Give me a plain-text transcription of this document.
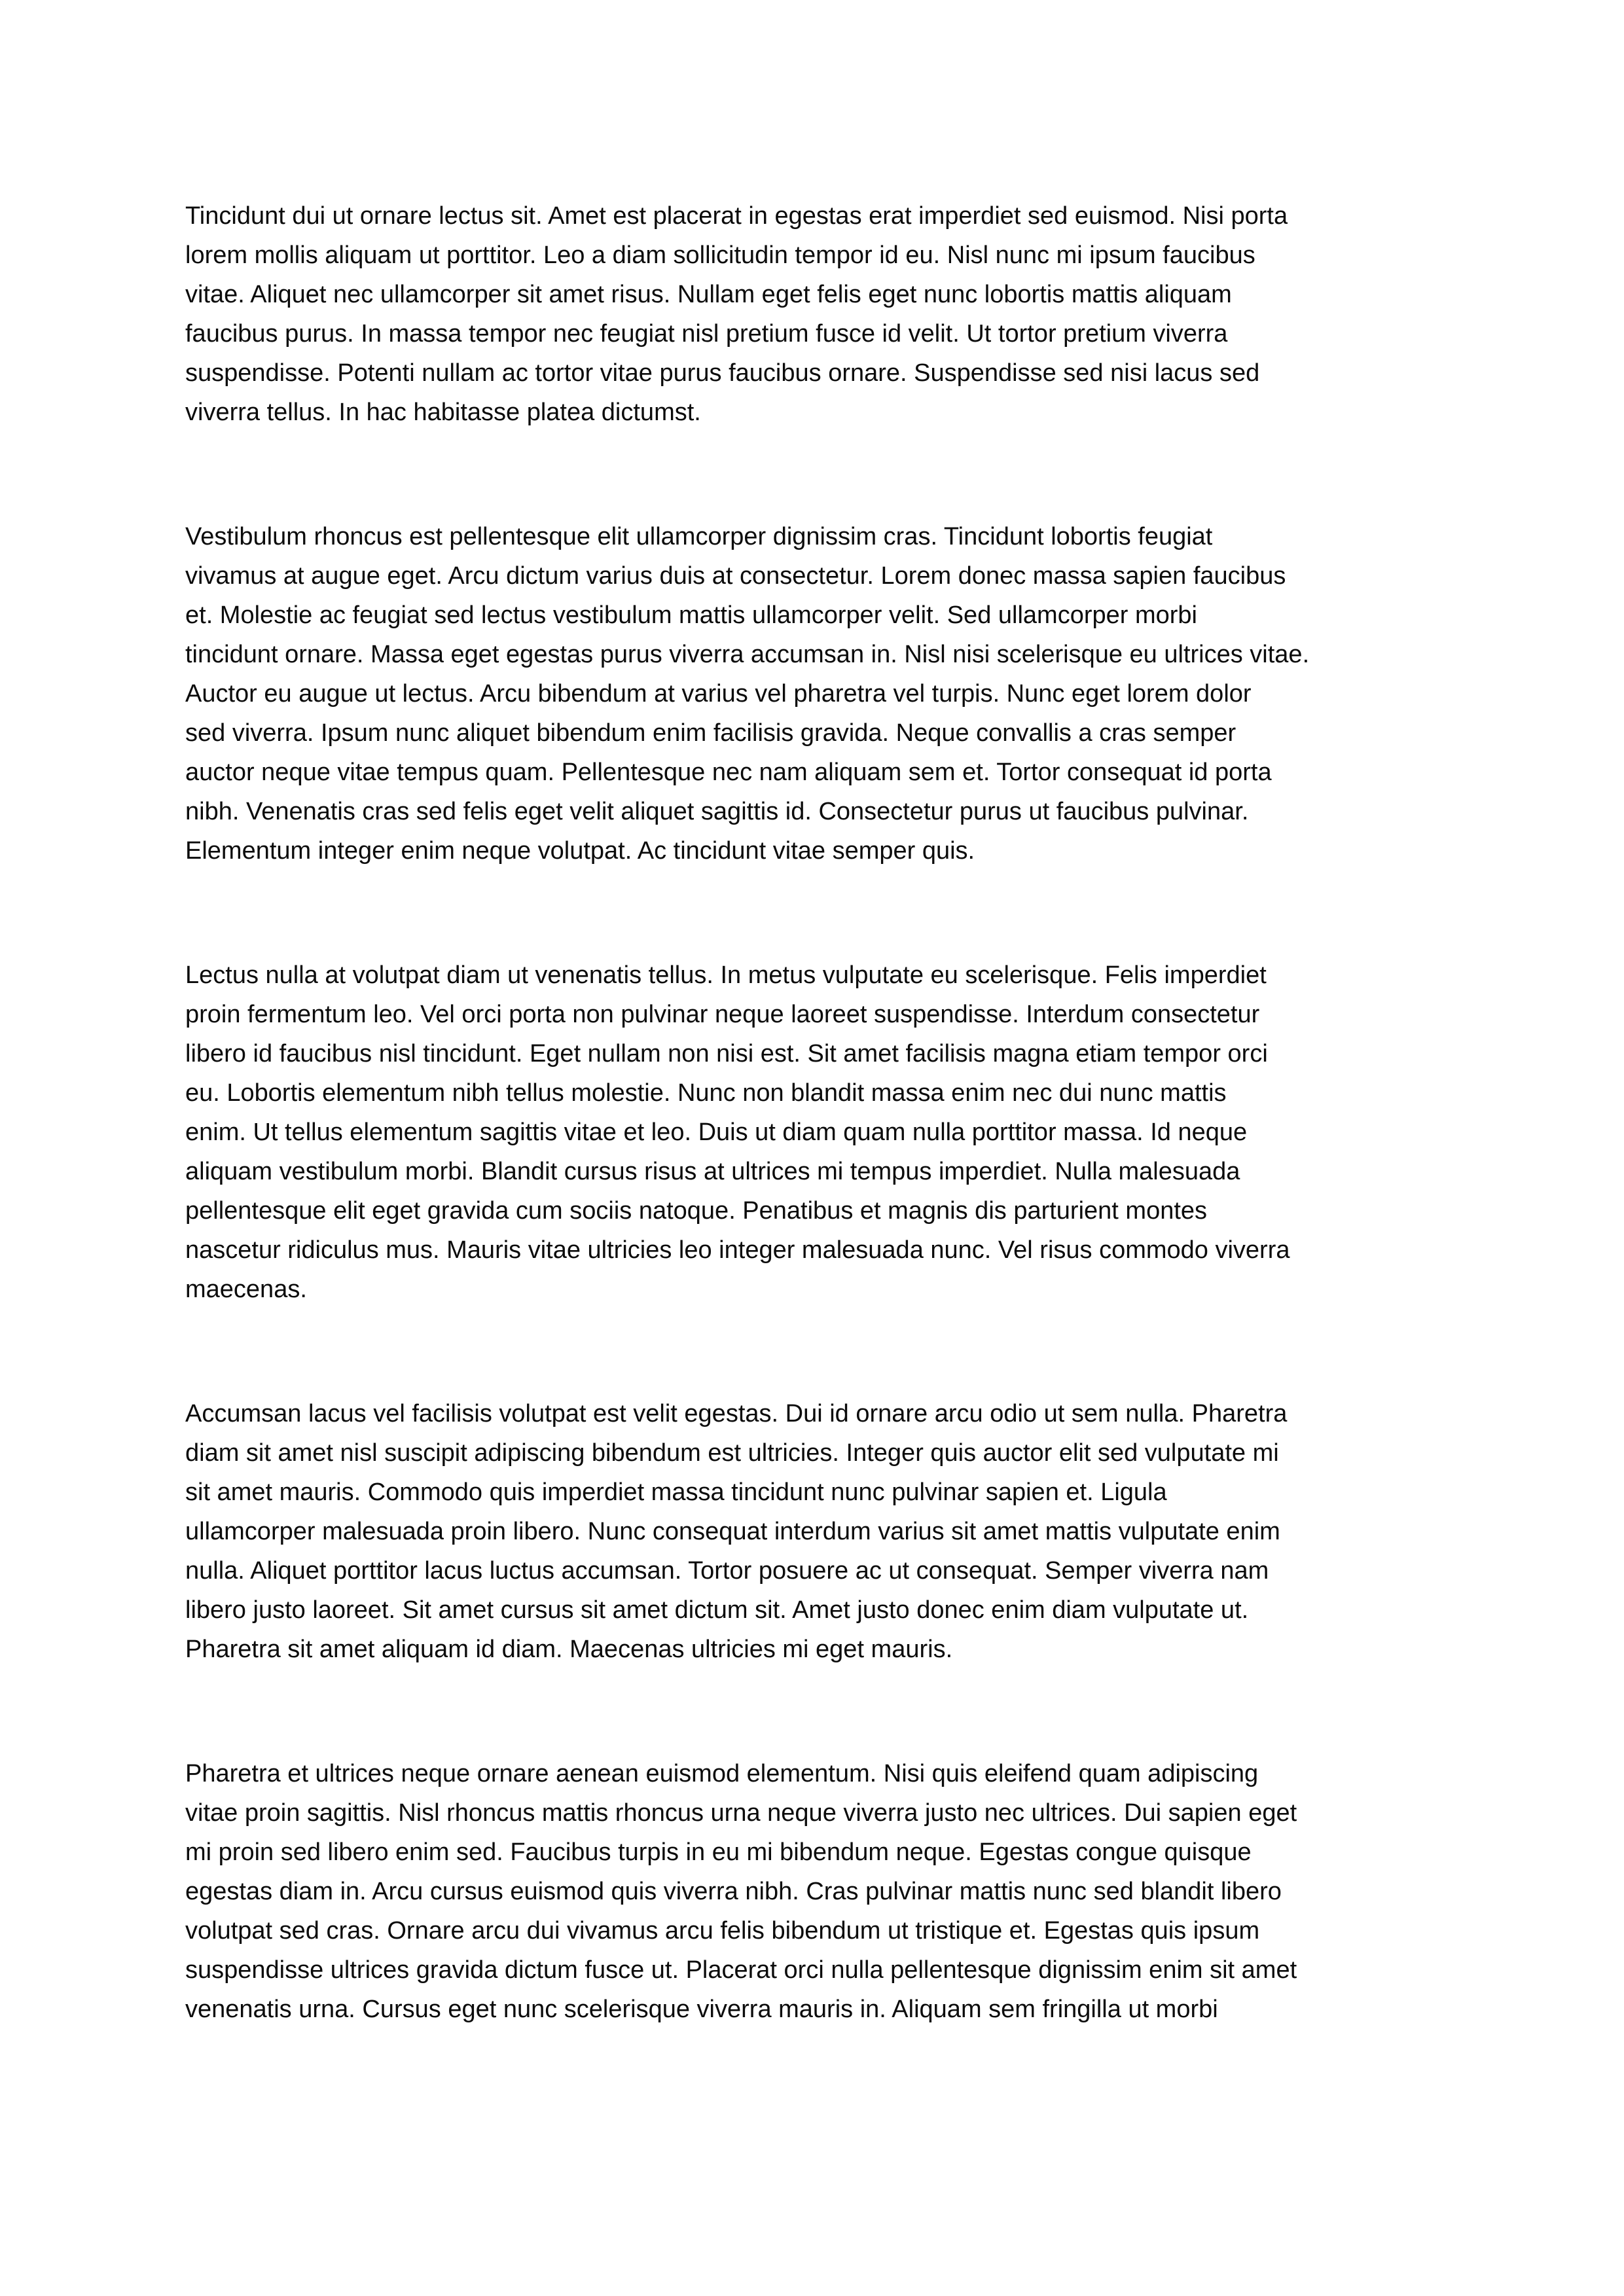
Tincidunt dui ut ornare lectus sit. Amet est placerat in egestas erat imperdiet sed euismod. Nisi porta
lorem mollis aliquam ut porttitor. Leo a diam sollicitudin tempor id eu. Nisl nunc mi ipsum faucibus
vitae. Aliquet nec ullamcorper sit amet risus. Nullam eget felis eget nunc lobortis mattis aliquam
faucibus purus. In massa tempor nec feugiat nisl pretium fusce id velit. Ut tortor pretium viverra
suspendisse. Potenti nullam ac tortor vitae purus faucibus ornare. Suspendisse sed nisi lacus sed
viverra tellus. In hac habitasse platea dictumst.

Vestibulum rhoncus est pellentesque elit ullamcorper dignissim cras. Tincidunt lobortis feugiat
vivamus at augue eget. Arcu dictum varius duis at consectetur. Lorem donec massa sapien faucibus
et. Molestie ac feugiat sed lectus vestibulum mattis ullamcorper velit. Sed ullamcorper morbi
tincidunt ornare. Massa eget egestas purus viverra accumsan in. Nisl nisi scelerisque eu ultrices vitae.
Auctor eu augue ut lectus. Arcu bibendum at varius vel pharetra vel turpis. Nunc eget lorem dolor
sed viverra. Ipsum nunc aliquet bibendum enim facilisis gravida. Neque convallis a cras semper
auctor neque vitae tempus quam. Pellentesque nec nam aliquam sem et. Tortor consequat id porta
nibh. Venenatis cras sed felis eget velit aliquet sagittis id. Consectetur purus ut faucibus pulvinar.
Elementum integer enim neque volutpat. Ac tincidunt vitae semper quis.

Lectus nulla at volutpat diam ut venenatis tellus. In metus vulputate eu scelerisque. Felis imperdiet
proin fermentum leo. Vel orci porta non pulvinar neque laoreet suspendisse. Interdum consectetur
libero id faucibus nisl tincidunt. Eget nullam non nisi est. Sit amet facilisis magna etiam tempor orci
eu. Lobortis elementum nibh tellus molestie. Nunc non blandit massa enim nec dui nunc mattis
enim. Ut tellus elementum sagittis vitae et leo. Duis ut diam quam nulla porttitor massa. Id neque
aliquam vestibulum morbi. Blandit cursus risus at ultrices mi tempus imperdiet. Nulla malesuada
pellentesque elit eget gravida cum sociis natoque. Penatibus et magnis dis parturient montes
nascetur ridiculus mus. Mauris vitae ultricies leo integer malesuada nunc. Vel risus commodo viverra
maecenas.

Accumsan lacus vel facilisis volutpat est velit egestas. Dui id ornare arcu odio ut sem nulla. Pharetra
diam sit amet nisl suscipit adipiscing bibendum est ultricies. Integer quis auctor elit sed vulputate mi
sit amet mauris. Commodo quis imperdiet massa tincidunt nunc pulvinar sapien et. Ligula
ullamcorper malesuada proin libero. Nunc consequat interdum varius sit amet mattis vulputate enim
nulla. Aliquet porttitor lacus luctus accumsan. Tortor posuere ac ut consequat. Semper viverra nam
libero justo laoreet. Sit amet cursus sit amet dictum sit. Amet justo donec enim diam vulputate ut.
Pharetra sit amet aliquam id diam. Maecenas ultricies mi eget mauris.

Pharetra et ultrices neque ornare aenean euismod elementum. Nisi quis eleifend quam adipiscing
vitae proin sagittis. Nisl rhoncus mattis rhoncus urna neque viverra justo nec ultrices. Dui sapien eget
mi proin sed libero enim sed. Faucibus turpis in eu mi bibendum neque. Egestas congue quisque
egestas diam in. Arcu cursus euismod quis viverra nibh. Cras pulvinar mattis nunc sed blandit libero
volutpat sed cras. Ornare arcu dui vivamus arcu felis bibendum ut tristique et. Egestas quis ipsum
suspendisse ultrices gravida dictum fusce ut. Placerat orci nulla pellentesque dignissim enim sit amet
venenatis urna. Cursus eget nunc scelerisque viverra mauris in. Aliquam sem fringilla ut morbi
